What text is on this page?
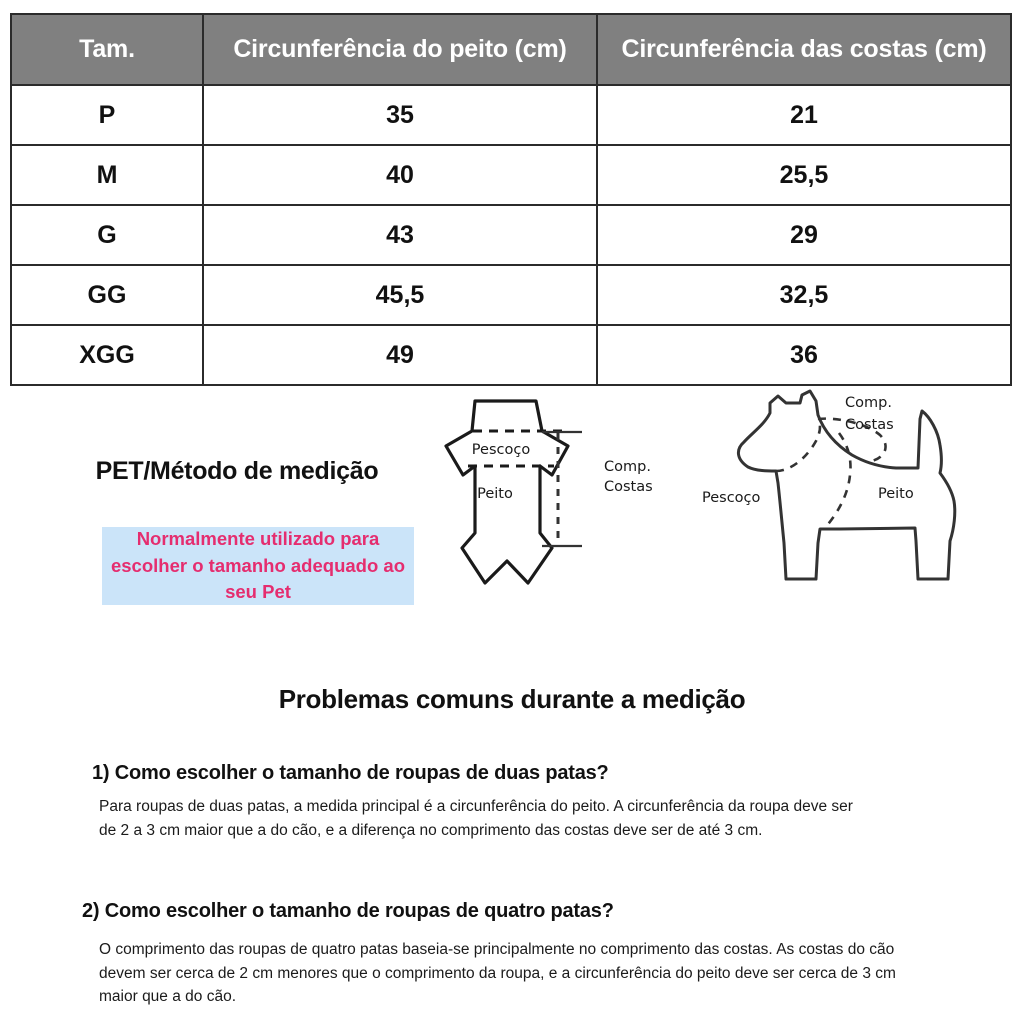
Tam.	Circunferência do peito (cm)	Circunferência das costas (cm)
P	35	21
M	40	25,5
G	43	29
GG	45,5	32,5
XGG	49	36
PET/Método de medição
Normalmente utilizado para escolher o tamanho adequado ao seu Pet
Pescoço
Peito
Comp.
Costas
Comp.
Costas
Pescoço	Peito
Problemas comuns durante a medição
1) Como escolher o tamanho de roupas de duas patas?
Para roupas de duas patas, a medida principal é a circunferência do peito. A circunferência da roupa deve ser de 2 a 3 cm maior que a do cão, e a diferença no comprimento das costas deve ser de até 3 cm.
2) Como escolher o tamanho de roupas de quatro patas?
O comprimento das roupas de quatro patas baseia-se principalmente no comprimento das costas. As costas do cão devem ser cerca de 2 cm menores que o comprimento da roupa, e a circunferência do peito deve ser cerca de 3 cm maior que a do cão.
